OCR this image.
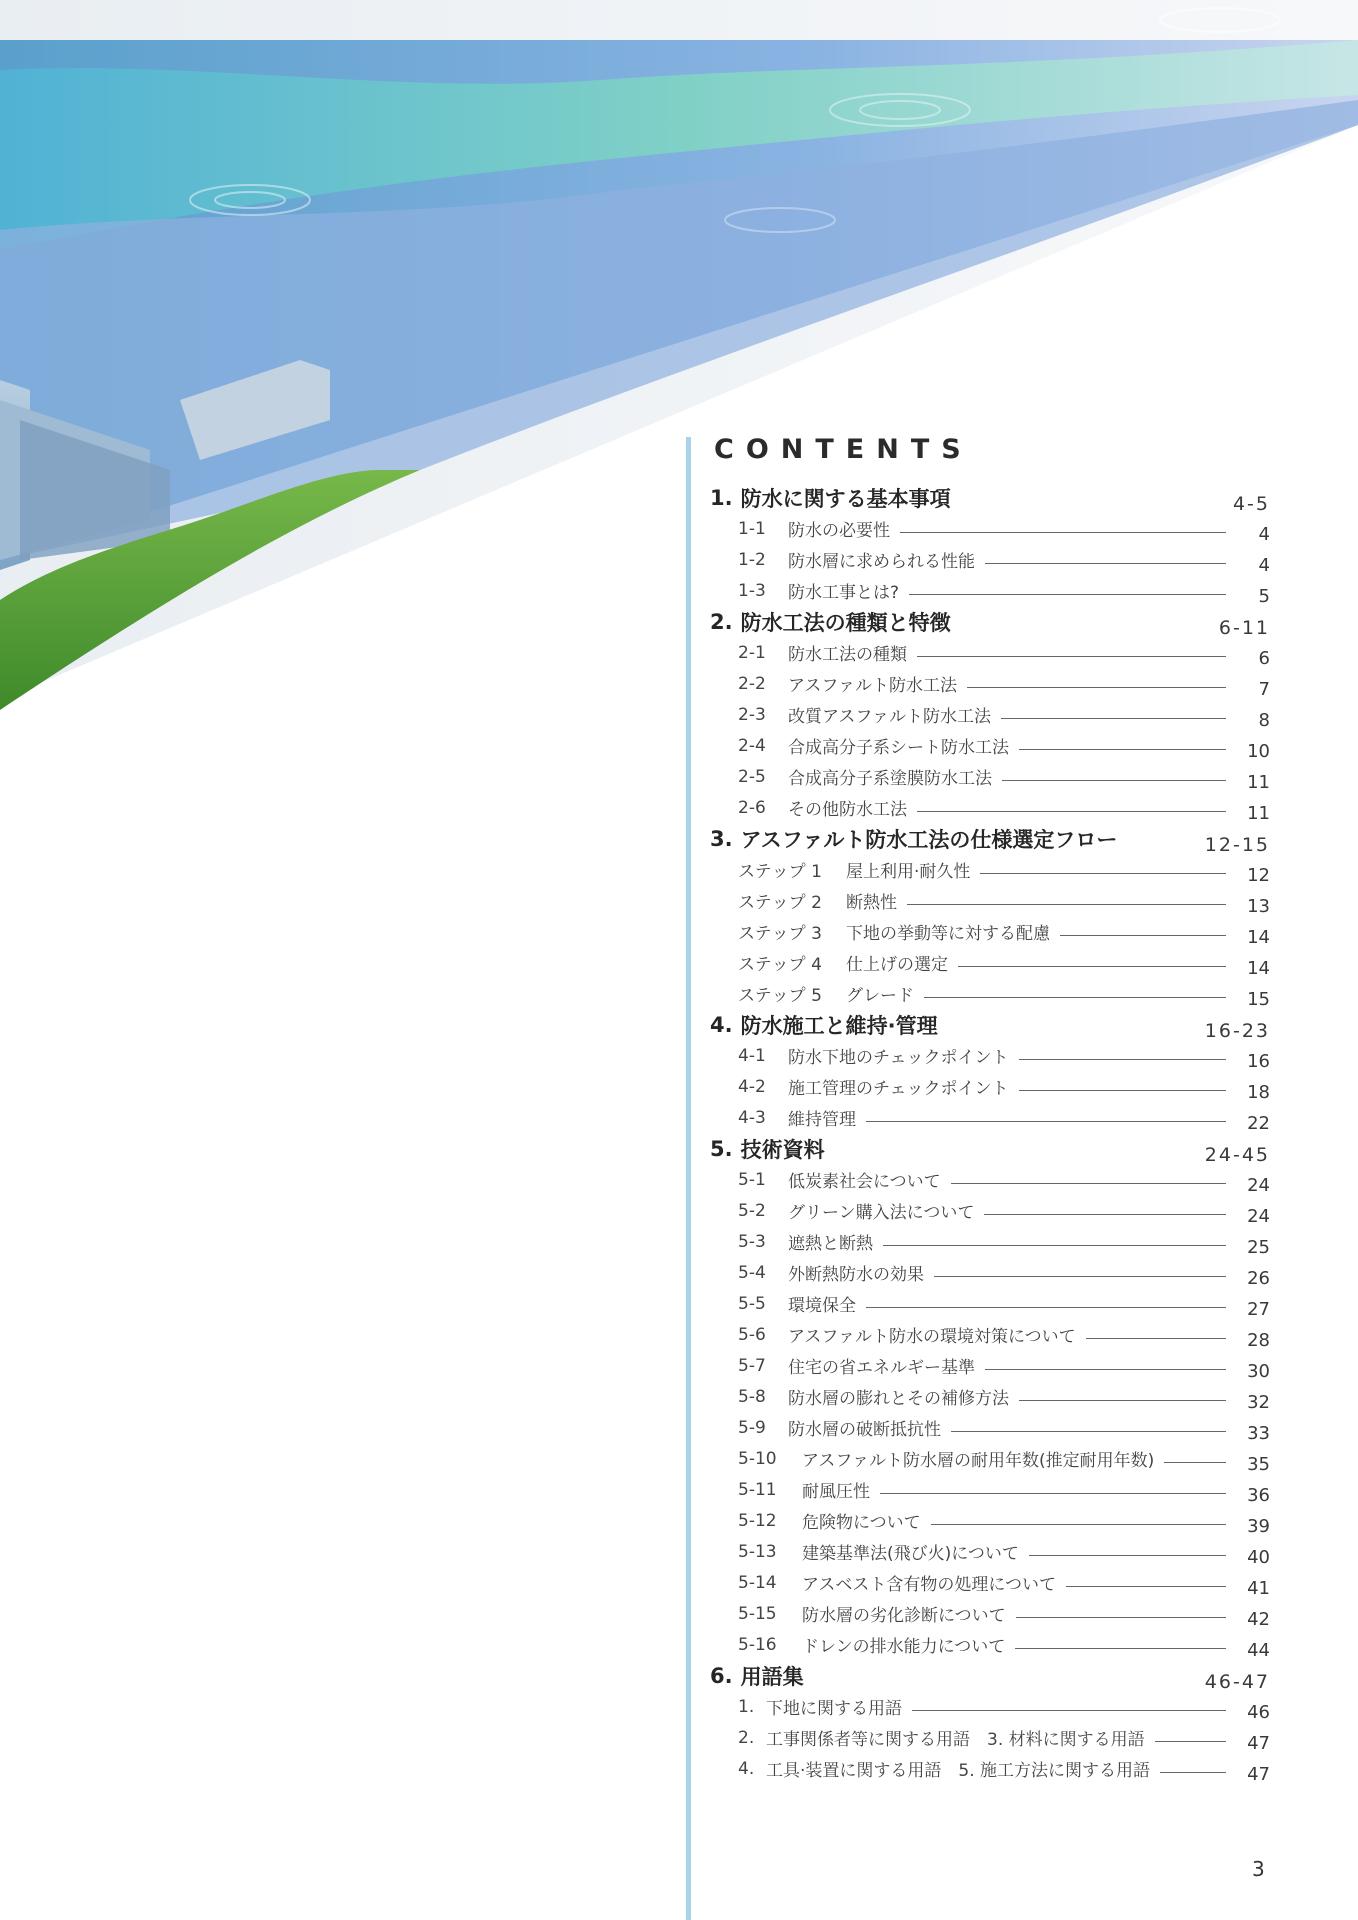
CONTENTS
1. 防水に関する基本事項	4-5
1-1	防水の必要性	4
1-2	防水層に求められる性能	4
1-3	防水工事とは?	5
2. 防水工法の種類と特徴	6-11
2-1	防水工法の種類	6
2-2	アスファルト防水工法	7
2-3	改質アスファルト防水工法	8
2-4	合成高分子系シート防水工法	10
2-5	合成高分子系塗膜防水工法	11
2-6	その他防水工法	11
3. アスファルト防水工法の仕様選定フロー	12-15
ステップ 1	屋上利用·耐久性	12
ステップ 2	断熱性	13
ステップ 3	下地の挙動等に対する配慮	14
ステップ 4	仕上げの選定	14
ステップ 5	グレード	15
4. 防水施工と維持·管理	16-23
4-1	防水下地のチェックポイント	16
4-2	施工管理のチェックポイント	18
4-3	維持管理	22
5. 技術資料	24-45
5-1	低炭素社会について	24
5-2	グリーン購入法について	24
5-3	遮熱と断熱	25
5-4	外断熱防水の効果	26
5-5	環境保全	27
5-6	アスファルト防水の環境対策について	28
5-7	住宅の省エネルギー基準	30
5-8	防水層の膨れとその補修方法	32
5-9	防水層の破断抵抗性	33
5-10	アスファルト防水層の耐用年数(推定耐用年数)	35
5-11	耐風圧性	36
5-12	危険物について	39
5-13	建築基準法(飛び火)について	40
5-14	アスベスト含有物の処理について	41
5-15	防水層の劣化診断について	42
5-16	ドレンの排水能力について	44
6. 用語集	46-47
1. 下地に関する用語	46
2. 工事関係者等に関する用語　3. 材料に関する用語	47
4. 工具·装置に関する用語　5. 施工方法に関する用語	47
3
